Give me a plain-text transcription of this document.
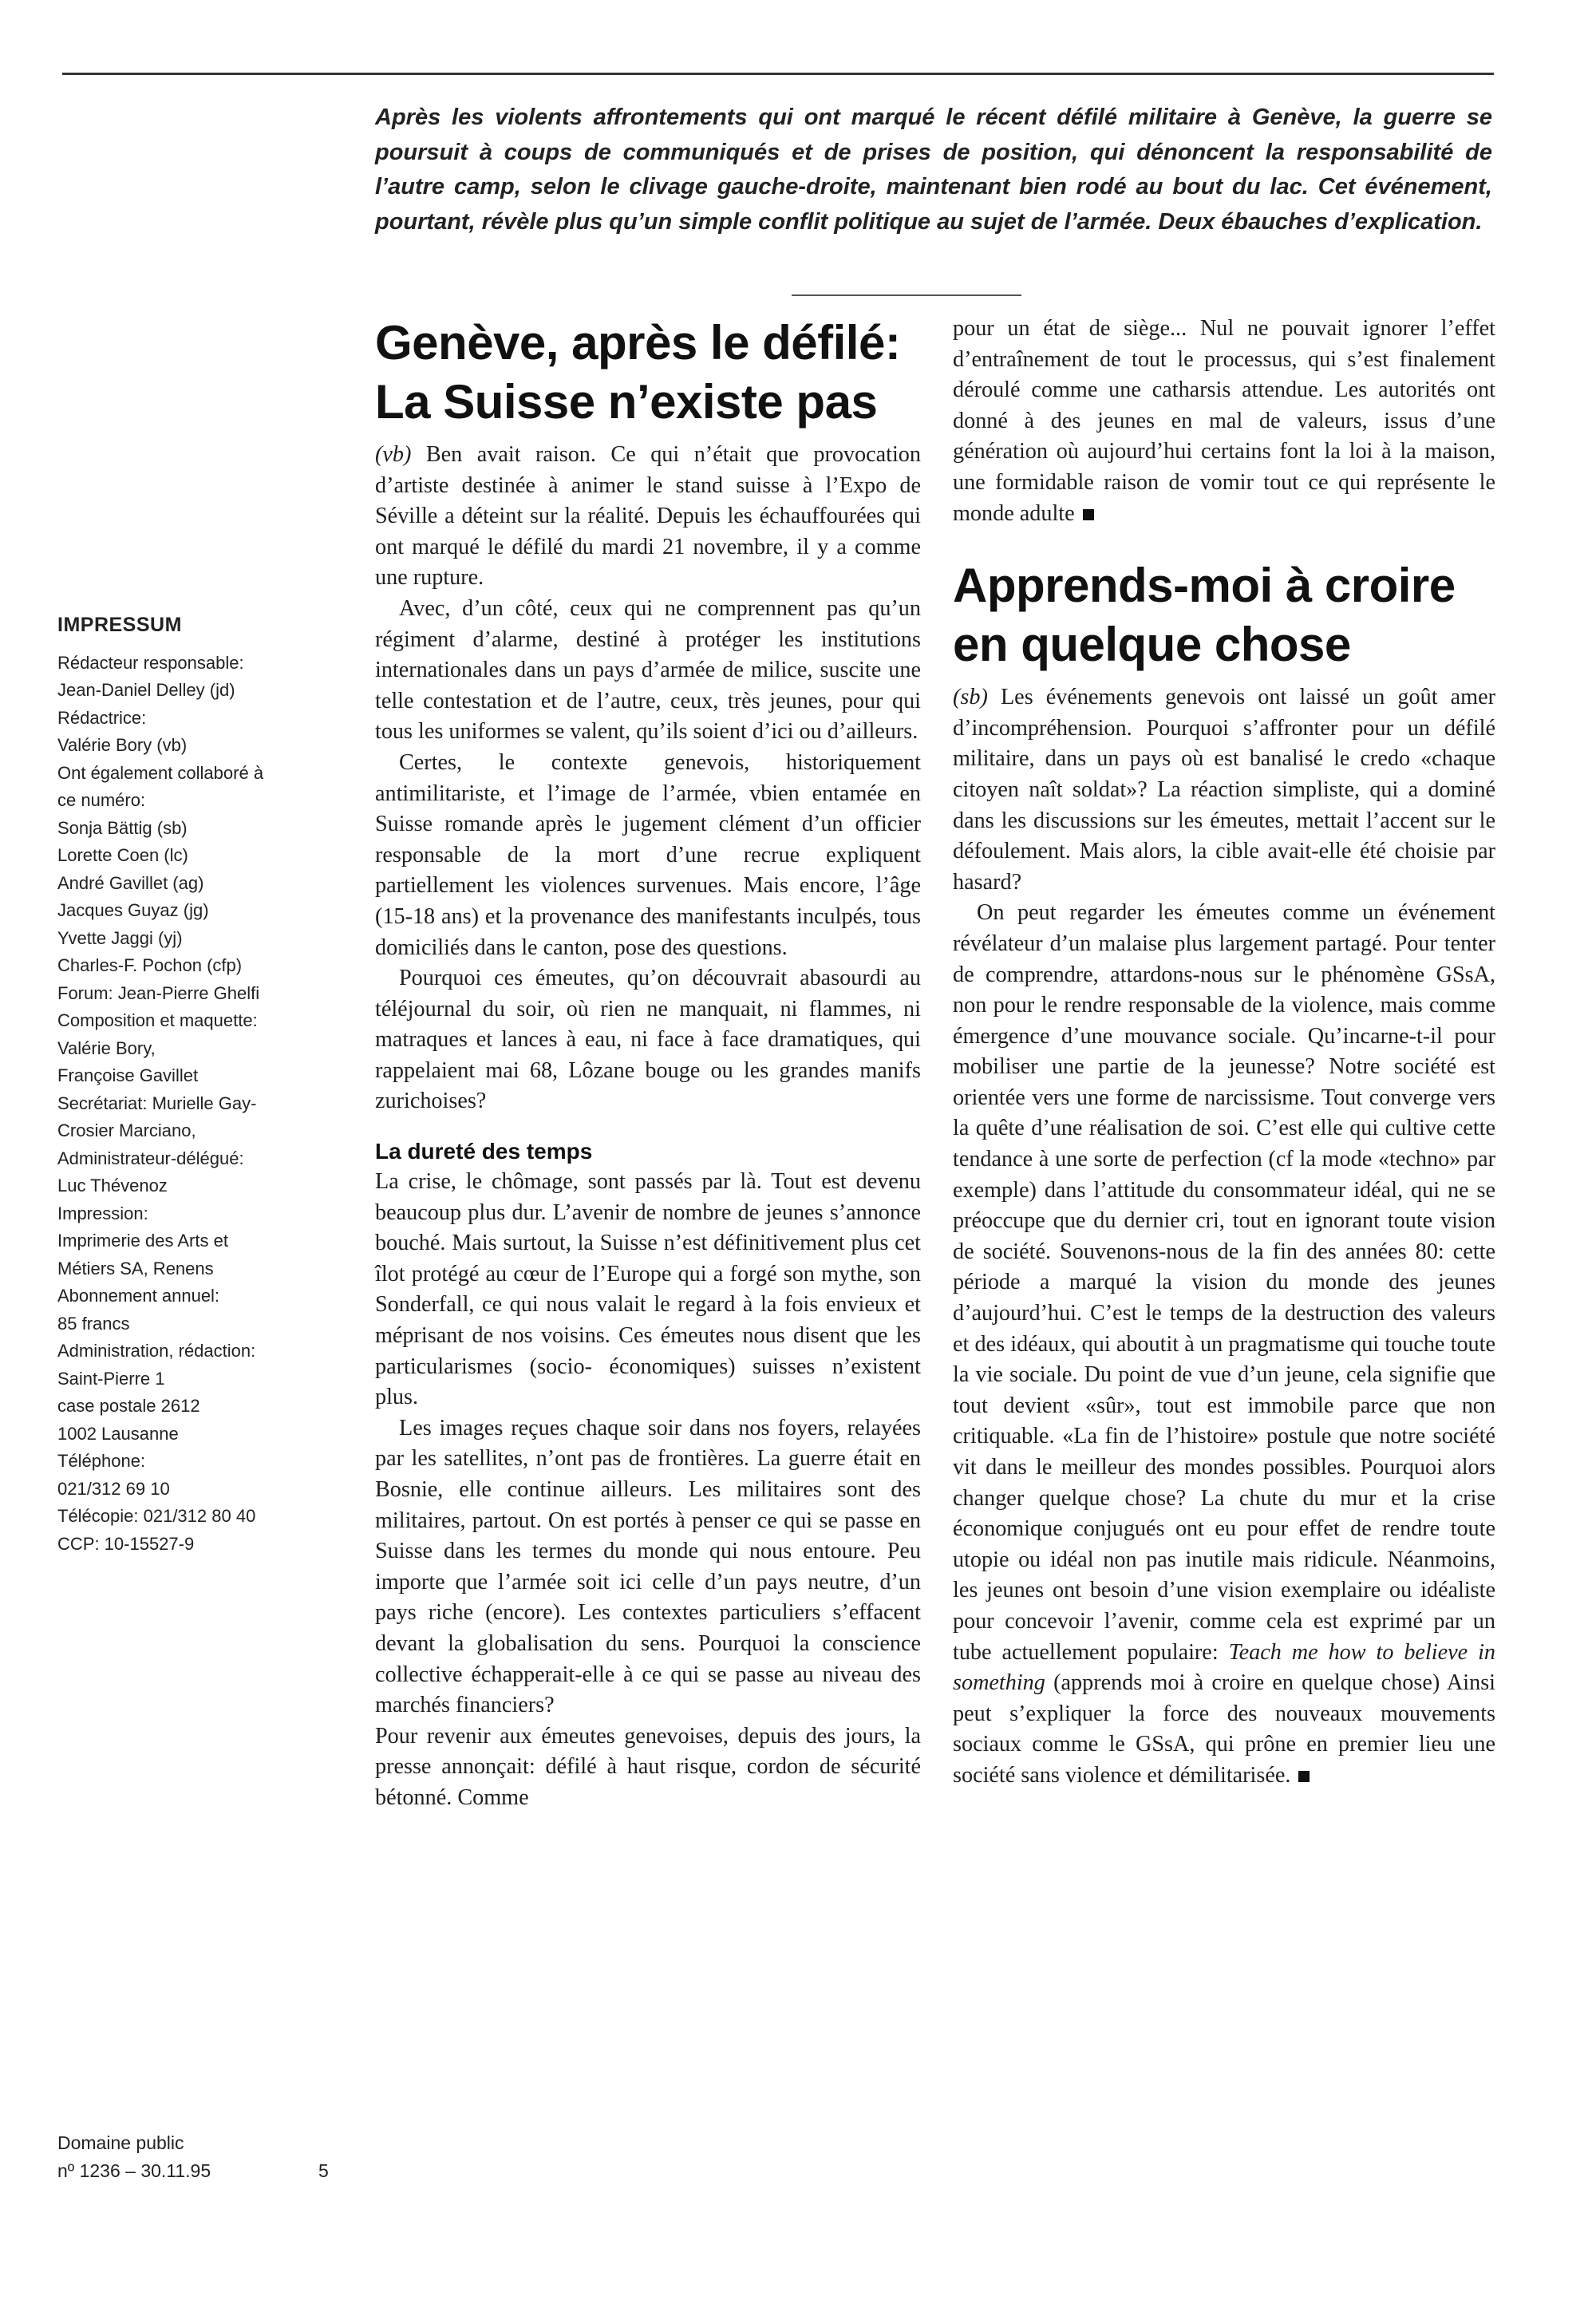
Après les violents affrontements qui ont marqué le récent défilé militaire à Genève, la guerre se poursuit à coups de communiqués et de prises de position, qui dénoncent la responsabilité de l’autre camp, selon le clivage gauche-droite, maintenant bien rodé au bout du lac. Cet événement, pourtant, révèle plus qu’un simple conflit politique au sujet de l’armée. Deux ébauches d’explication.

IMPRESSUM
Rédacteur responsable:
Jean-Daniel Delley (jd)
Rédactrice:
Valérie Bory (vb)
Ont également collaboré à
ce numéro:
Sonja Bättig (sb)
Lorette Coen (lc)
André Gavillet (ag)
Jacques Guyaz (jg)
Yvette Jaggi (yj)
Charles-F. Pochon (cfp)
Forum: Jean-Pierre Ghelfi
Composition et maquette:
Valérie Bory,
Françoise Gavillet
Secrétariat: Murielle Gay-
Crosier Marciano,
Administrateur-délégué:
Luc Thévenoz
Impression:
Imprimerie des Arts et
Métiers SA, Renens
Abonnement annuel:
85 francs
Administration, rédaction:
Saint-Pierre 1
case postale 2612
1002 Lausanne
Téléphone:
021/312 69 10
Télécopie: 021/312 80 40
CCP: 10-15527-9
Domaine public
nº 1236 – 30.11.95	5
Genève, après le défilé:
La Suisse n’existe pas

(vb) Ben avait raison. Ce qui n’était que provocation d’artiste destinée à animer le stand suisse à l’Expo de Séville a déteint sur la réalité. Depuis les échauffourées qui ont marqué le défilé du mardi 21 novembre, il y a comme une rupture.

Avec, d’un côté, ceux qui ne comprennent pas qu’un régiment d’alarme, destiné à protéger les institutions internationales dans un pays d’armée de milice, suscite une telle contestation et de l’autre, ceux, très jeunes, pour qui tous les uniformes se valent, qu’ils soient d’ici ou d’ailleurs.

Certes, le contexte genevois, historiquement antimilitariste, et l’image de l’armée, vbien entamée en Suisse romande après le jugement clément d’un officier responsable de la mort d’une recrue expliquent partiellement les violences survenues. Mais encore, l’âge (15-18 ans) et la provenance des manifestants inculpés, tous domiciliés dans le canton, pose des questions.

Pourquoi ces émeutes, qu’on découvrait abasourdi au téléjournal du soir, où rien ne manquait, ni flammes, ni matraques et lances à eau, ni face à face dramatiques, qui rappelaient mai 68, Lôzane bouge ou les grandes manifs zurichoises?

La dureté des temps

La crise, le chômage, sont passés par là. Tout est devenu beaucoup plus dur. L’avenir de nombre de jeunes s’annonce bouché. Mais surtout, la Suisse n’est définitivement plus cet îlot protégé au cœur de l’Europe qui a forgé son mythe, son Sonderfall, ce qui nous valait le regard à la fois envieux et méprisant de nos voisins. Ces émeutes nous disent que les particularismes (socio- économiques) suisses n’existent plus.

Les images reçues chaque soir dans nos foyers, relayées par les satellites, n’ont pas de frontières. La guerre était en Bosnie, elle continue ailleurs. Les militaires sont des militaires, partout. On est portés à penser ce qui se passe en Suisse dans les termes du monde qui nous entoure. Peu importe que l’armée soit ici celle d’un pays neutre, d’un pays riche (encore). Les contextes particuliers s’effacent devant la globalisation du sens. Pourquoi la conscience collective échapperait-elle à ce qui se passe au niveau des marchés financiers?

Pour revenir aux émeutes genevoises, depuis des jours, la presse annonçait: défilé à haut risque, cordon de sécurité bétonné. Comme

pour un état de siège... Nul ne pouvait ignorer l’effet d’entraînement de tout le processus, qui s’est finalement déroulé comme une catharsis attendue. Les autorités ont donné à des jeunes en mal de valeurs, issus d’une génération où aujourd’hui certains font la loi à la maison, une formidable raison de vomir tout ce qui représente le monde adulte

Apprends-moi à croire
en quelque chose

(sb) Les événements genevois ont laissé un goût amer d’incompréhension. Pourquoi s’affronter pour un défilé militaire, dans un pays où est banalisé le credo «chaque citoyen naît soldat»? La réaction simpliste, qui a dominé dans les discussions sur les émeutes, mettait l’accent sur le défoulement. Mais alors, la cible avait-elle été choisie par hasard?

On peut regarder les émeutes comme un événement révélateur d’un malaise plus largement partagé. Pour tenter de comprendre, attardons-nous sur le phénomène GSsA, non pour le rendre responsable de la violence, mais comme émergence d’une mouvance sociale. Qu’incarne-t-il pour mobiliser une partie de la jeunesse? Notre société est orientée vers une forme de narcissisme. Tout converge vers la quête d’une réalisation de soi. C’est elle qui cultive cette tendance à une sorte de perfection (cf la mode «techno» par exemple) dans l’attitude du consommateur idéal, qui ne se préoccupe que du dernier cri, tout en ignorant toute vision de société. Souvenons-nous de la fin des années 80: cette période a marqué la vision du monde des jeunes d’aujourd’hui. C’est le temps de la destruction des valeurs et des idéaux, qui aboutit à un pragmatisme qui touche toute la vie sociale. Du point de vue d’un jeune, cela signifie que tout devient «sûr», tout est immobile parce que non critiquable. «La fin de l’histoire» postule que notre société vit dans le meilleur des mondes possibles. Pourquoi alors changer quelque chose? La chute du mur et la crise économique conjugués ont eu pour effet de rendre toute utopie ou idéal non pas inutile mais ridicule. Néanmoins, les jeunes ont besoin d’une vision exemplaire ou idéaliste pour concevoir l’avenir, comme cela est exprimé par un tube actuellement populaire: Teach me how to believe in something (apprends moi à croire en quelque chose) Ainsi peut s’expliquer la force des nouveaux mouvements sociaux comme le GSsA, qui prône en premier lieu une société sans violence et démilitarisée.
